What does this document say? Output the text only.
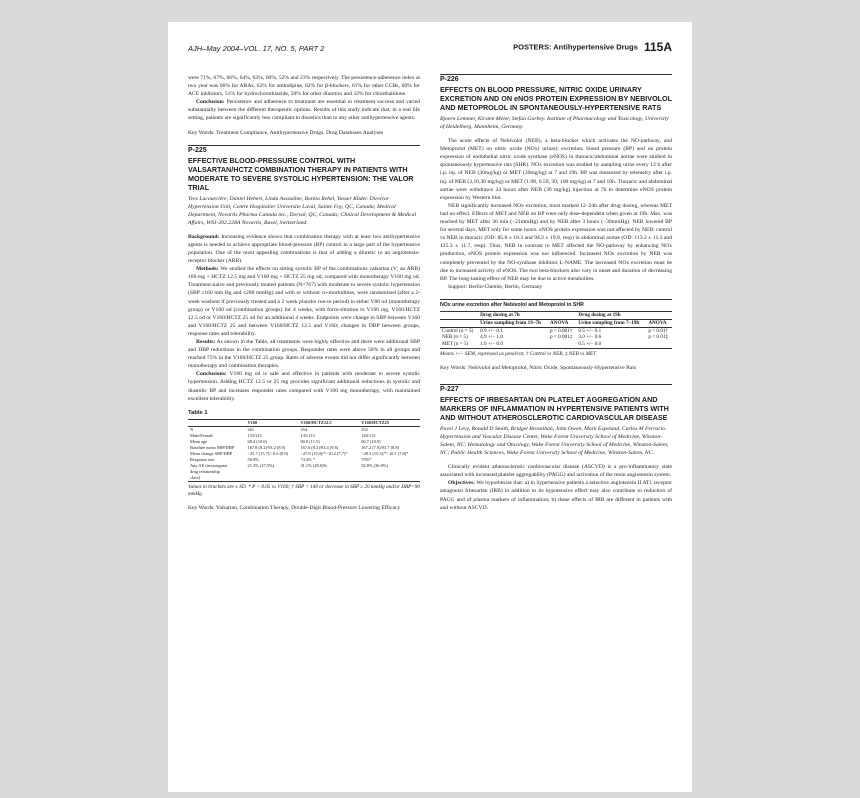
AJH–May 2004–VOL. 17, NO. 5, PART 2	POSTERS: Antihypertensive Drugs 115A

were 71%, 67%, 66%, 64%, 63%, 60%, 52% and 23% respectively. The persistence-adherence index at two year was 66% for ARAs, 63% for amlodipine, 62% for β-blockers, 61% for other CCBs, 60% for ACE inhibitors, 51% for hydrochorothiazide, 50% for other diuretics and 32% for chlorthalidone.

Conclusion: Persistence and adherence to treatment are essential to treatment success and varied substantially between the different therapeutic options. Results of this study indicate that, in a real life setting, patients are significantly less compliant to diuretics than to any other antihypertensive agents.

Key Words: Treatment Compliance, Antihypertensive Drugs, Drug Databases Analyses

P-225
EFFECTIVE BLOOD-PRESSURE CONTROL WITH VALSARTAN/HCTZ COMBINATION THERAPY IN PATIENTS WITH MODERATE TO SEVERE SYSTOLIC HYPERTENSION: THE VALOR TRIAL
Yves Lacourcière, Daniel Hebert, Linda Assouline, Bonita Rehel, Yasser Khder. Director Hypertension Unit, Centre Hospitalier Universite Laval, Sainte Foy, QC, Canada; Medical Department, Novartis Pharma Canada inc., Dorval, QC, Canada; Clinical Development & Medical Affairs, WSJ-202.228A Novartis, Basel, Switzerland.

Background: Increasing evidence shows that combination therapy with at least two antihypertensive agents is needed to achieve appropriate blood-pressure (BP) control in a large part of the hypertensive population. One of the most appealing combinations is that of adding a diuretic to an angiotensin-receptor blocker (ARB).

Methods: We studied the effects on sitting systolic BP of the combinations valsartan (V; an ARB) 160 mg + HCTZ 12.5 mg and V160 mg + HCTZ 25 mg od, compared with monotherapy V160 mg od. Treatment-naive and previously treated patients (N=767) with moderate to severe systolic hypertension (SBP ≥160 mm Hg and ≤200 mmHg) and with or without co-morbidities, were randomised (after a 2-week washout if previously treated and a 2 week placebo run-in period) to either V80 od (monotherapy group) or V160 od (combination groups) for 4 weeks, with force-titration to V160 mg, V160/HCTZ 12.5 od or V160/HCTZ 25 od for an additional 4 weeks. Endpoints were change in SBP between V160 and V160/HCTZ 25 and between V160/HCTZ 12.5 and V160; changes in DBP between groups, response rates and tolerability.

Results: As shown in the Table, all treatments were highly effective and there were additional SBP and DBP reductions in the combination groups. Responder rates were above 50% in all groups and reached 75% in the V160/HCTZ 25 group. Rates of adverse events did not differ significantly between monotherapy and combination therapies.

Conclusions: V160 mg od is safe and effective in patients with moderate to severe systolic hypertension. Adding HCTZ 12.5 or 25 mg provides significant additional reductions in systolic and diastolic BP and increases responder rates compared with V160 mg monotherapy, with maintained excellent tolerability.

Table 1
	V160	V160/HCTZ12.5	V160/HCTZ25
N	261	254	252
Male/Female	133/115	141/113	140/112
Mean age	60.4 (10.6)	60.8 (11.5)	60.7 (10.8)
Baseline mean SBP/DBP	167.8 (8.2)/93.2 (8.9)	167.6 (8.2)/93.4 (9.6)	167.2 (7.9)/93.7 (8.8)
Mean change SBP/DBP	−25.7 (15.7)/−8.6 (8.9)	−27.9 (15.0)/*−10.2 (7.7)*	−28.3 (15.3)/*−10.1 (7.8)*
Response rate	56.9%	74.4% *	75%*
Any AE (investigator	21.3% (27.5%)	31.1% (28.6)%	32.8% (36.0%)
drug relationship			
class)			
Values in brackets are ± SD. * P < 0.05 vs V160; † SBP < 140 or decrease in SBP ≥ 20 mmHg and/or DBP<90 mmHg.

Key Words: Valsartan, Combination Therapy, Double-Digit Blood-Pressure Lowering Efficacy

P-226
EFFECTS ON BLOOD PRESSURE, NITRIC OXIDE URINARY EXCRETION AND ON eNOS PROTEIN EXPRESSION BY NEBIVOLOL AND METOPROLOL IN SPONTANEOUSLY-HYPERTENSIVE RATS
Bjoern Lemmer, Kirsten Meier, Stefan Gorbey. Institute of Pharmacology and Toxicology, University of Heidelberg, Mannheim, Germany.

The acute effects of Nebivolol (NEB), a beta-blocker which activates the NO-pathway, and Metoprolol (MET) on nitric oxide (NOx) urinary excretion, blood pressure (BP) and on protein expression of endothelial nitric oxide synthase (eNOS) in thoracic/abdominal aortae were studied in spontaneously hypertensive rats (SHR). NOx excretion was studied by sampling urine every 12 h after i.p. inj. of NEB (30mg/kg) or MET (30mg/kg) at 7 and 19h. BP was measured by telemetry after i.p. inj. of NEB (3,10,30 mg/kg) or MET (1.98, 6.59, 30; 100 mg/kg) at 7 and 19h. Thoracic and abdominal aortae were withdrawn 24 hours after NEB (30 mg/kg) injection at 7h to determine eNOS protein expression by Western blot.

NEB significantly increased NOx excretion, most marked 12–24h after drug dosing, whereas MET had no effect. Effects of MET and NEB on BP were only dose-dependent when given at 19h: Max. was reached by MET after 30 min (−21mmHg) and by NEB after 3 hours (−30mmHg). NEB lowered BP for several days, MET only for some hours. eNOS protein expression was not affected by NEB: control vs NEB in thoracic (OD: 85.8 ± 18.3 and 94.2 ± 19.8, resp) in abdominal aortae (OD: 113.2 ± 11.3 and 125.3 ± 11.7, resp). Thus, NEB in contrast to MET affected the NO-pathway by enhancing NOx production, eNOS protein expression was not influenced. Increased NOx excretion by NEB was completely prevented by the NO-synthase inhibitor L-NAME. The increased NOx excretion must be due to increased activity of eNOS. The two beta-blockers also vary in onset and duration of decreasing BP. The long-lasting effect of NEB may be due to active metabolites.

Support: Berlin-Chemie, Berlin, Germany

NOx urine excretion after Nebivolol and Metoprolol in SHR
	Drug dosing at 7h		Drug dosing at 19h	
	Urine sampling from 19–7h	ANOVA	Urine sampling from 7–19h	ANOVA
Control (n = 5)	0.9 +/− 0.1	p < 0.001†	0.5 +/− 0.1	p < 0.01†
NEB (n = 5)	4.9 +/− 1.0	p < 0.001‡	3.0 +/− 0.6	p < 0.01‡
MET (n = 5)	1.0 +/− 0.0		0.5 +/− 0.0	
Means +/− SEM, expressed as µmol/rat, † Control vs NEB, ‡ NEB vs MET

Key Words: Nebivolol and Metoprolol, Nitric Oxide, Spontaneously-Hypertensive Rats

P-227
EFFECTS OF IRBESARTAN ON PLATELET AGGREGATION AND MARKERS OF INFLAMMATION IN HYPERTENSIVE PATIENTS WITH AND WITHOUT ATHEROSCLEROTIC CARDIOVASCULAR DISEASE
Pavel J Levy, Ronald D Smith, Bridget Brosnihan, John Owen, Mark Espeland, Carlos M Ferrario. Hypertension and Vascular Disease Center, Wake Forest University School of Medicine, Winston-Salem, NC; Hematology and Oncology, Wake Forest University School of Medicine, Winston-Salem, NC; Public Health Sciences, Wake Forest University School of Medicine, Winston-Salem, NC.

Clinically evident atherosclerotic cardiovascular disease (ASCVD) is a pro-inflammatory state associated with increased platelet aggregability (PAGG) and activation of the renin angiotensin system.

Objectives: We hypothesize that: a) in hypertensive patients a selective angiotensin II AT1 receptor antagonist Irbesartan (IRB) in addition to its hypotensive effect may also contribute to reduction of PAGG and of plasma markers of inflammation; b) these effects of IRB are different in patients with and without ASCVD.
